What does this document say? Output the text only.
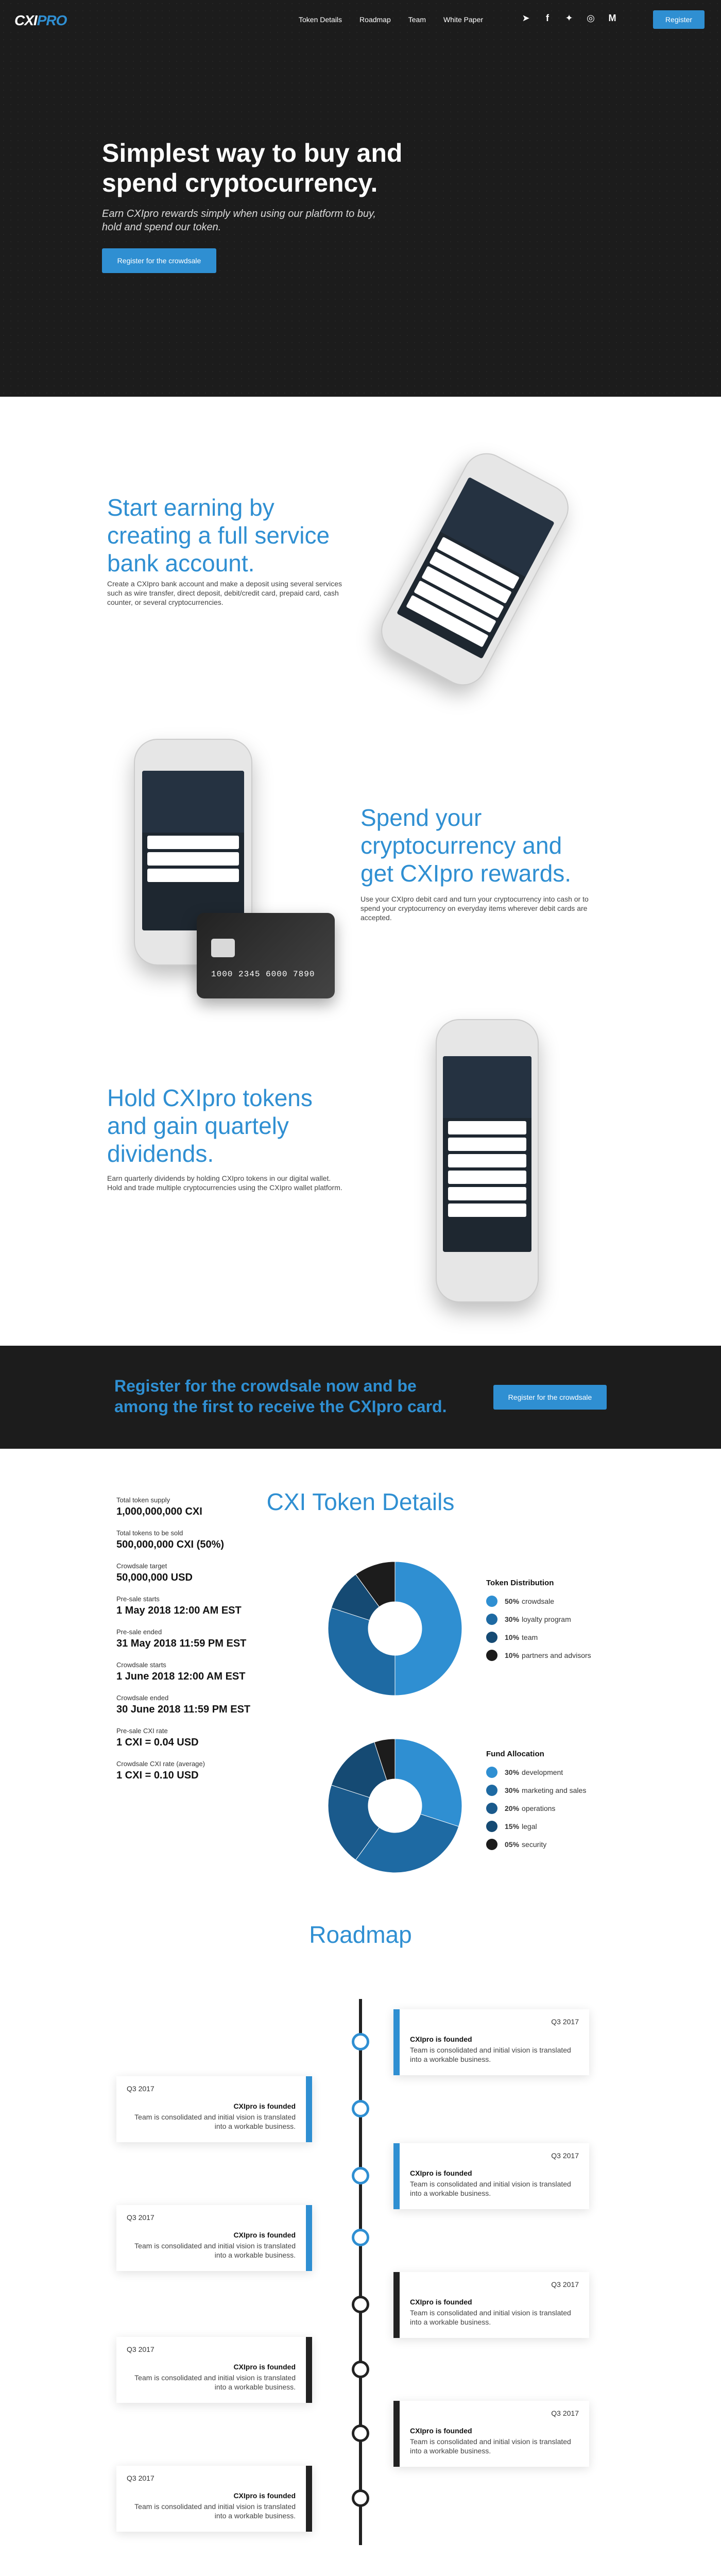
CXIPRO	Token Details Roadmap Team White Paper	➤	f	✦ ◎ M	Register
Simplest way to buy and spend cryptocurrency.
Earn CXIpro rewards simply when using our platform to buy, hold and spend our token.
Register for the crowdsale
Start earning by creating a full service bank account.
Create a CXIpro bank account and make a deposit using several services such as wire transfer, direct deposit, debit/credit card, prepaid card, cash counter, or several cryptocurrencies.
1000 2345 6000 7890
Spend your cryptocurrency and get CXIpro rewards.
Use your CXIpro debit card and turn your cryptocurrency into cash or to spend your cryptocurrency on everyday items wherever debit cards are accepted.
Hold CXIpro tokens and gain quartely dividends.
Earn quarterly dividends by holding CXIpro tokens in our digital wallet. Hold and trade multiple cryptocurrencies using the CXIpro wallet platform.
Register for the crowdsale now and be among the first to receive the CXIpro card.	Register for the crowdsale
CXI Token Details
Total token supply
1,000,000,000 CXI
Total tokens to be sold
500,000,000 CXI (50%)
Crowdsale target
50,000,000 USD
Pre-sale starts
1 May 2018 12:00 AM EST
Pre-sale ended
31 May 2018 11:59 PM EST
Crowdsale starts
1 June 2018 12:00 AM EST
Crowdsale ended
30 June 2018 11:59 PM EST
Pre-sale CXI rate
1 CXI = 0.04 USD
Crowdsale CXI rate (average)
1 CXI = 0.10 USD
Token Distribution
50% crowdsale
30% loyalty program
10% team
10% partners and advisors
Fund Allocation
30% development
30% marketing and sales
20% operations
15% legal
05% security
Roadmap
Q3 2017
CXIpro is founded
Team is consolidated and initial vision is translated into a workable business.
Q3 2017
CXIpro is founded
Team is consolidated and initial vision is translated into a workable business.
Q3 2017
CXIpro is founded
Team is consolidated and initial vision is translated into a workable business.
Q3 2017
CXIpro is founded
Team is consolidated and initial vision is translated into a workable business.
Q3 2017
CXIpro is founded
Team is consolidated and initial vision is translated into a workable business.
Q3 2017
CXIpro is founded
Team is consolidated and initial vision is translated into a workable business.
Q3 2017
CXIpro is founded
Team is consolidated and initial vision is translated into a workable business.
Q3 2017
CXIpro is founded
Team is consolidated and initial vision is translated into a workable business.
